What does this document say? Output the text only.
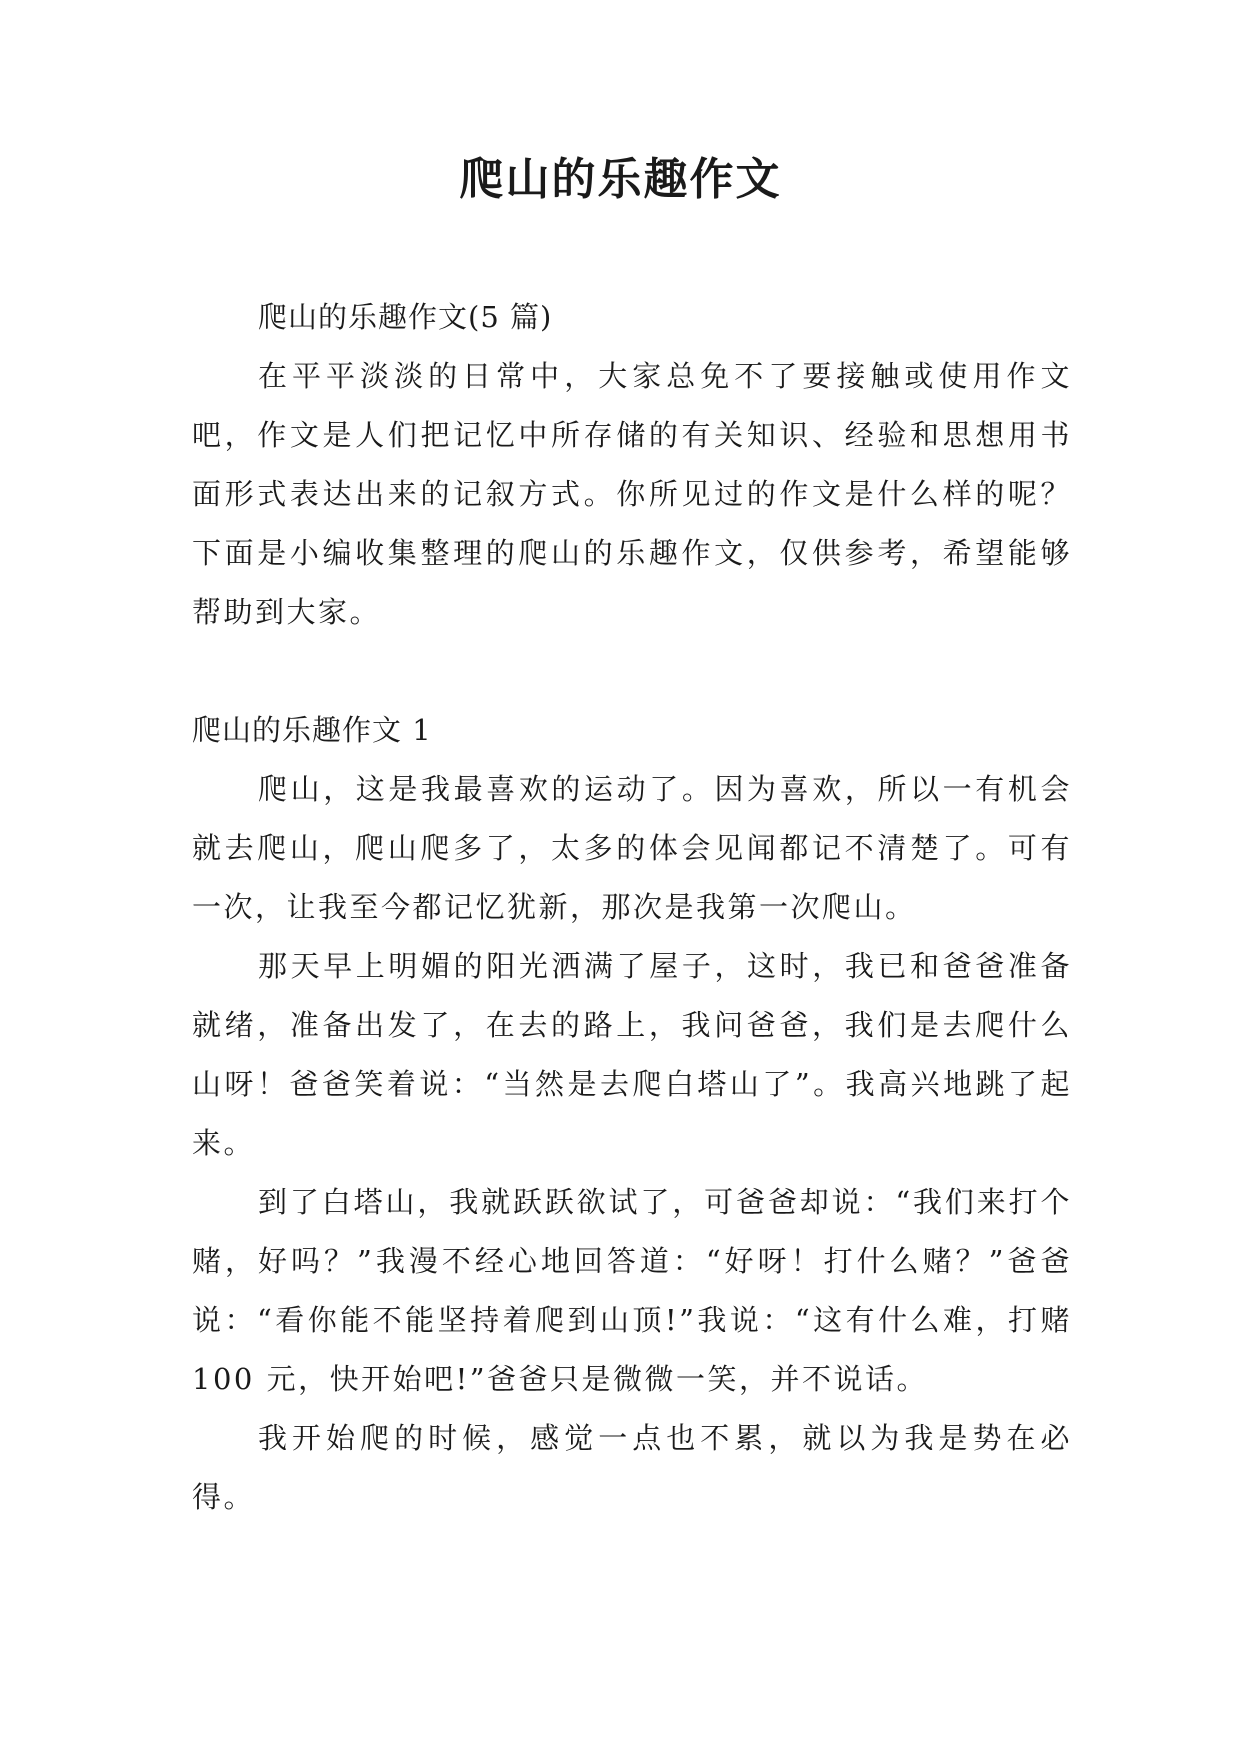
爬山的乐趣作文

爬山的乐趣作文(5 篇)

在平平淡淡的日常中，大家总免不了要接触或使用作文吧，作文是人们把记忆中所存储的有关知识、经验和思想用书面形式表达出来的记叙方式。你所见过的作文是什么样的呢？下面是小编收集整理的爬山的乐趣作文，仅供参考，希望能够帮助到大家。

爬山的乐趣作文 1

爬山，这是我最喜欢的运动了。因为喜欢，所以一有机会就去爬山，爬山爬多了，太多的体会见闻都记不清楚了。可有一次，让我至今都记忆犹新，那次是我第一次爬山。

那天早上明媚的阳光洒满了屋子，这时，我已和爸爸准备就绪，准备出发了，在去的路上，我问爸爸，我们是去爬什么山呀！爸爸笑着说：“当然是去爬白塔山了”。我高兴地跳了起来。

到了白塔山，我就跃跃欲试了，可爸爸却说：“我们来打个赌，好吗？”我漫不经心地回答道：“好呀！打什么赌？”爸爸说：“看你能不能坚持着爬到山顶!”我说：“这有什么难，打赌 100 元，快开始吧!”爸爸只是微微一笑，并不说话。

我开始爬的时候，感觉一点也不累，就以为我是势在必得。
